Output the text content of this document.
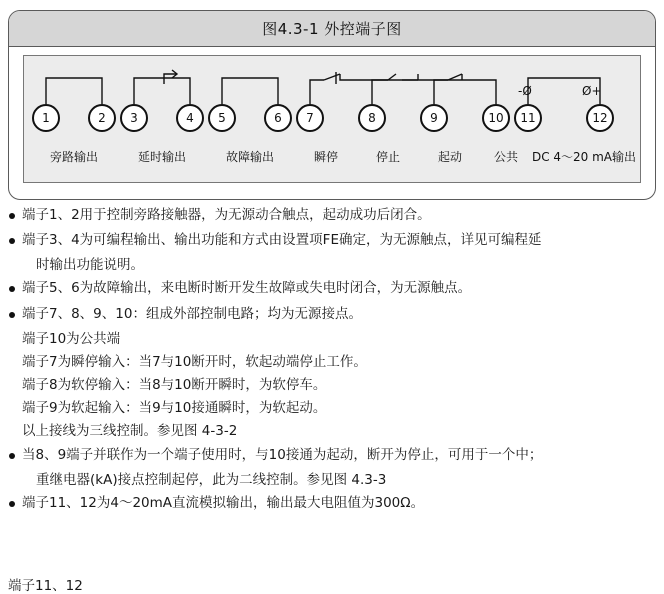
图4.3-1 外控端子图
1	2	3	4	5	6	7	8	9	10	11	12
-Ø	Ø+
旁路输出	延时输出	故障输出	瞬停	停止	起动	公共	DC 4～20 mA输出
端子1、2用于控制旁路接触器，为无源动合触点，起动成功后闭合。
端子3、4为可编程输出、输出功能和方式由设置项FE确定，为无源触点，详见可编程延
时输出功能说明。
端子5、6为故障输出，来电断时断开发生故障或失电时闭合，为无源触点。
端子7、8、9、10：组成外部控制电路；均为无源接点。
端子10为公共端
端子7为瞬停输入：当7与10断开时，软起动端停止工作。
端子8为软停输入：当8与10断开瞬时，为软停车。
端子9为软起输入：当9与10接通瞬时，为软起动。
以上接线为三线控制。参见图 4-3-2
当8、9端子并联作为一个端子使用时，与10接通为起动，断开为停止，可用于一个中；
重继电器(kA)接点控制起停，此为二线控制。参见图 4.3-3
端子11、12为4～20mA直流模拟输出，输出最大电阻值为300Ω。
端子11、12
